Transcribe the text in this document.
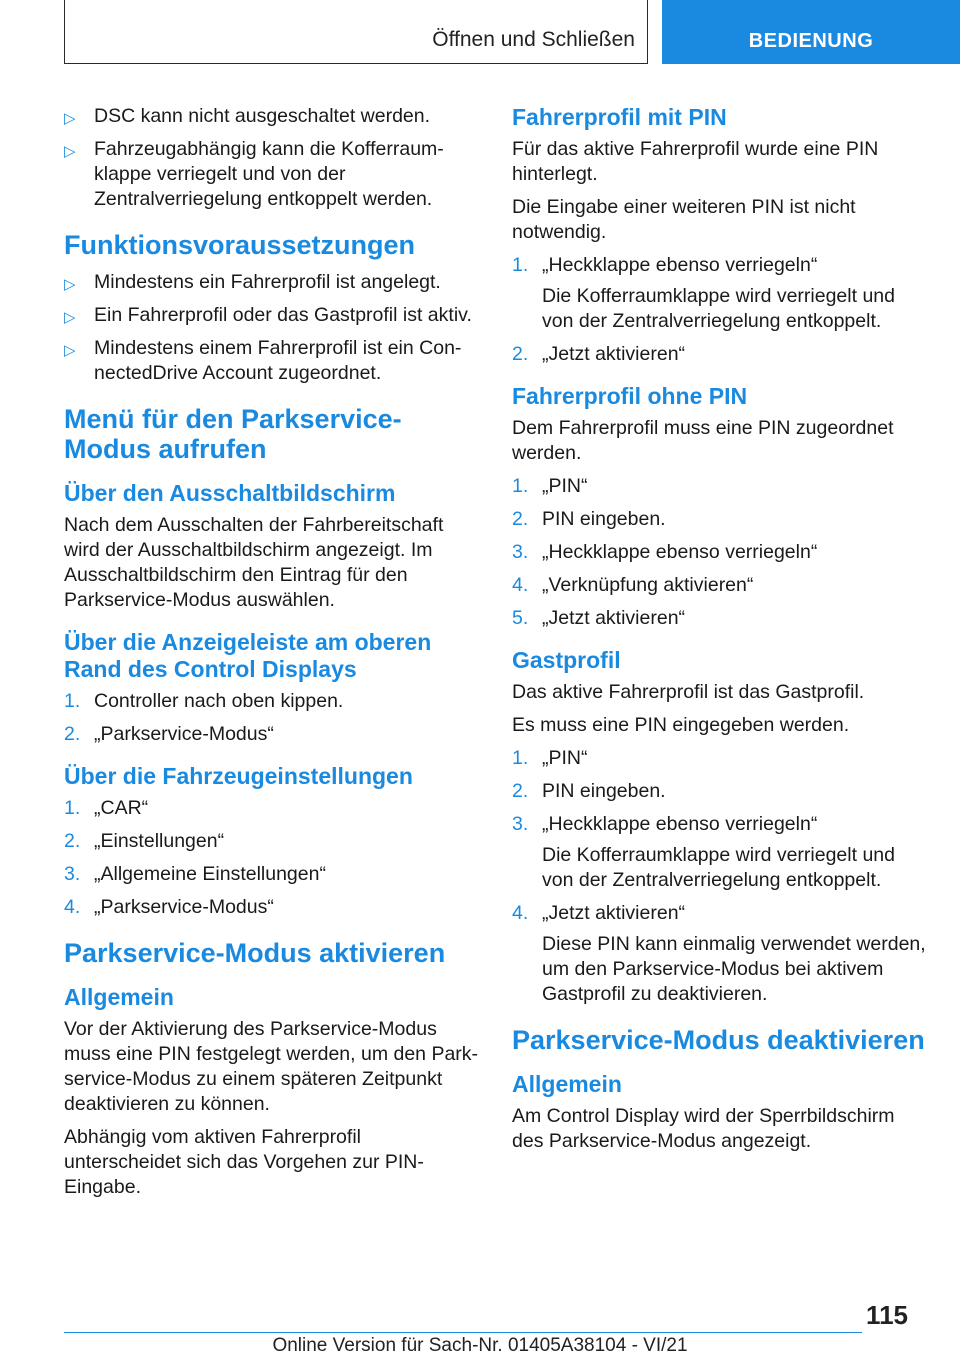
Öffnen und Schließen	BEDIENUNG
▷ DSC kann nicht ausgeschaltet werden.
▷ Fahrzeugabhängig kann die Kofferraumklappe verriegelt und von der Zentralverriegelung entkoppelt werden.
Funktionsvoraussetzungen
▷ Mindestens ein Fahrerprofil ist angelegt.
▷ Ein Fahrerprofil oder das Gastprofil ist aktiv.
▷ Mindestens einem Fahrerprofil ist ein ConnectedDrive Account zugeordnet.
Menü für den Parkservice-Modus aufrufen
Über den Ausschaltbildschirm

Nach dem Ausschalten der Fahrbereitschaft wird der Ausschaltbildschirm angezeigt. Im Ausschaltbildschirm den Eintrag für den Parkservice-Modus auswählen.

Über die Anzeigeleiste am oberen Rand des Control Displays
1. Controller nach oben kippen.
2. „Parkservice-Modus“
Über die Fahrzeugeinstellungen
1. „CAR“
2. „Einstellungen“
3. „Allgemeine Einstellungen“
4. „Parkservice-Modus“
Parkservice-Modus aktivieren
Allgemein

Vor der Aktivierung des Parkservice-Modus muss eine PIN festgelegt werden, um den Parkservice-Modus zu einem späteren Zeitpunkt deaktivieren zu können.

Abhängig vom aktiven Fahrerprofil unterscheidet sich das Vorgehen zur PIN-Eingabe.

Fahrerprofil mit PIN

Für das aktive Fahrerprofil wurde eine PIN hinterlegt.

Die Eingabe einer weiteren PIN ist nicht notwendig.

1. „Heckklappe ebenso verriegeln“
Die Kofferraumklappe wird verriegelt und von der Zentralverriegelung entkoppelt.
2. „Jetzt aktivieren“
Fahrerprofil ohne PIN

Dem Fahrerprofil muss eine PIN zugeordnet werden.

1. „PIN“
2. PIN eingeben.
3. „Heckklappe ebenso verriegeln“
4. „Verknüpfung aktivieren“
5. „Jetzt aktivieren“
Gastprofil

Das aktive Fahrerprofil ist das Gastprofil.

Es muss eine PIN eingegeben werden.

1. „PIN“
2. PIN eingeben.
3. „Heckklappe ebenso verriegeln“
Die Kofferraumklappe wird verriegelt und von der Zentralverriegelung entkoppelt.
4. „Jetzt aktivieren“
Diese PIN kann einmalig verwendet werden, um den Parkservice-Modus bei aktivem Gastprofil zu deaktivieren.
Parkservice-Modus deaktivieren
Allgemein

Am Control Display wird der Sperrbildschirm des Parkservice-Modus angezeigt.

115
Online Version für Sach-Nr. 01405A38104 - VI/21
